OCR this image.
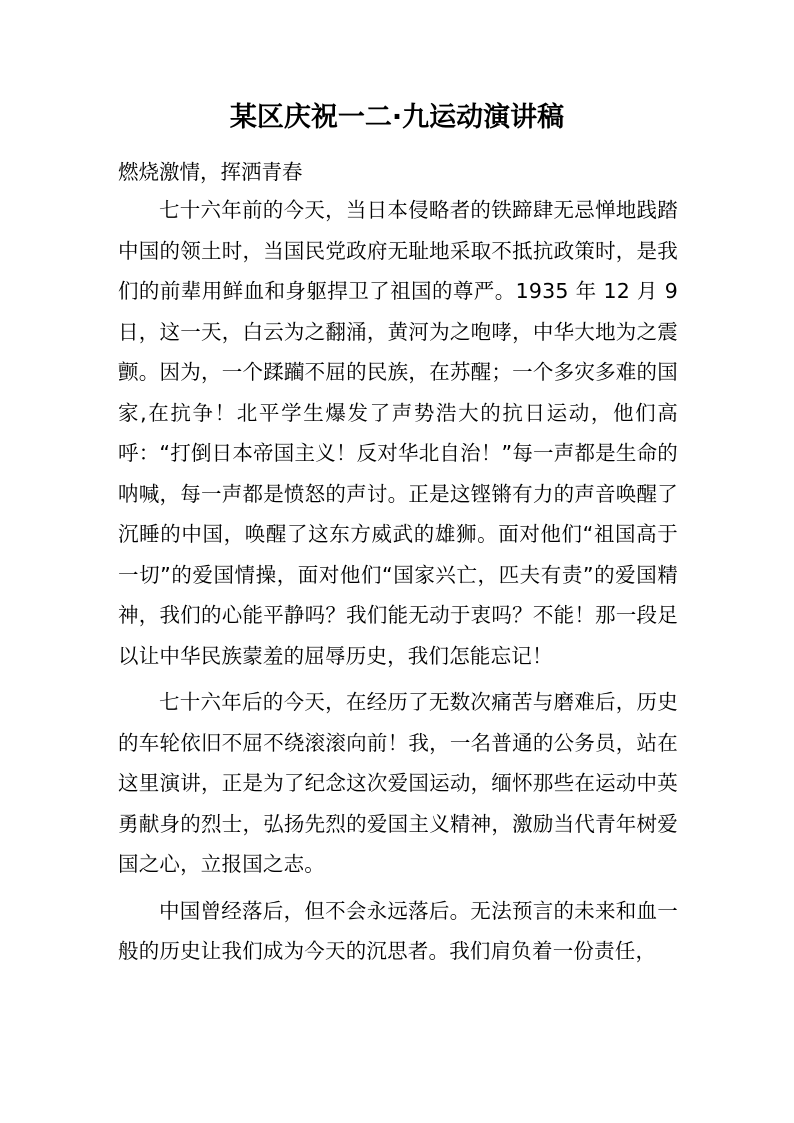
某区庆祝一二·九运动演讲稿

燃烧激情，挥洒青春

七十六年前的今天，当日本侵略者的铁蹄肆无忌惮地践踏中国的领土时，当国民党政府无耻地采取不抵抗政策时，是我们的前辈用鲜血和身躯捍卫了祖国的尊严。1935 年 12 月 9 日，这一天，白云为之翻涌，黄河为之咆哮，中华大地为之震颤。因为，一个蹂躏不屈的民族，在苏醒；一个多灾多难的国家,在抗争！北平学生爆发了声势浩大的抗日运动，他们高呼：“打倒日本帝国主义！反对华北自治！”每一声都是生命的呐喊，每一声都是愤怒的声讨。正是这铿锵有力的声音唤醒了沉睡的中国，唤醒了这东方威武的雄狮。面对他们“祖国高于一切”的爱国情操，面对他们“国家兴亡，匹夫有责”的爱国精神，我们的心能平静吗？我们能无动于衷吗？不能！那一段足以让中华民族蒙羞的屈辱历史，我们怎能忘记！

七十六年后的今天，在经历了无数次痛苦与磨难后，历史的车轮依旧不屈不绕滚滚向前！我，一名普通的公务员，站在这里演讲，正是为了纪念这次爱国运动，缅怀那些在运动中英勇献身的烈士，弘扬先烈的爱国主义精神，激励当代青年树爱国之心，立报国之志。

中国曾经落后，但不会永远落后。无法预言的未来和血一般的历史让我们成为今天的沉思者。我们肩负着一份责任，
